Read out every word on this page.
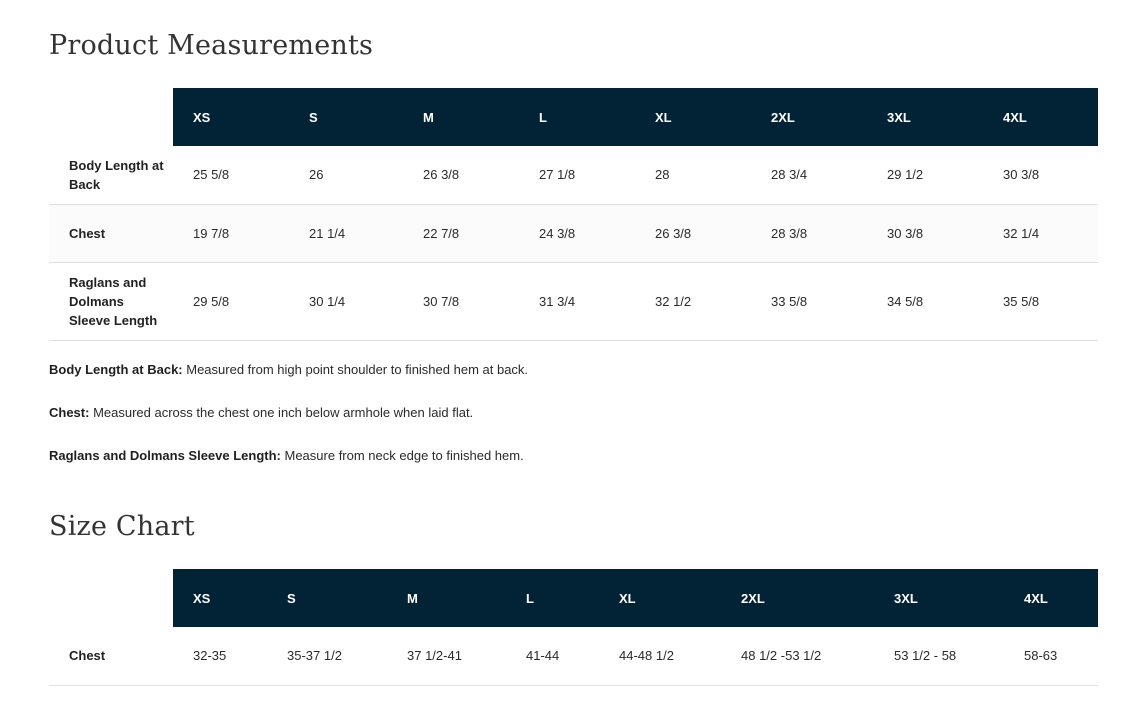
Product Measurements
	XS	S	M	L	XL	2XL	3XL	4XL
Body Length at Back	25 5/8	26	26 3/8	27 1/8	28	28 3/4	29 1/2	30 3/8
Chest	19 7/8	21 1/4	22 7/8	24 3/8	26 3/8	28 3/8	30 3/8	32 1/4
Raglans and Dolmans Sleeve Length	29 5/8	30 1/4	30 7/8	31 3/4	32 1/2	33 5/8	34 5/8	35 5/8

Body Length at Back: Measured from high point shoulder to finished hem at back.

Chest: Measured across the chest one inch below armhole when laid flat.

Raglans and Dolmans Sleeve Length: Measure from neck edge to finished hem.

Size Chart
	XS	S	M	L	XL	2XL	3XL	4XL
Chest	32-35	35-37 1/2	37 1/2-41	41-44	44-48 1/2	48 1/2 -53 1/2	53 1/2 - 58	58-63
